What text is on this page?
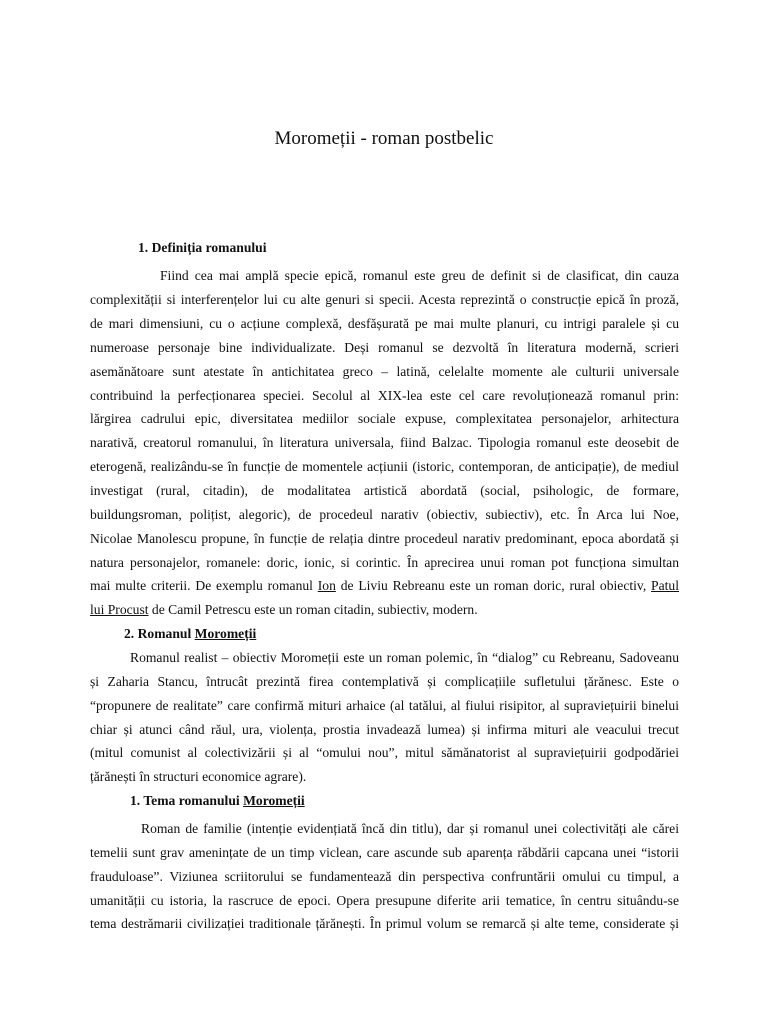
Moromeții - roman postbelic
1. Definiția romanului
Fiind cea mai amplă specie epică, romanul este greu de definit si de clasificat, din cauza
complexității si interferențelor lui cu alte genuri si specii. Acesta reprezintă o construcție epică în proză,
de mari dimensiuni, cu o acțiune complexă, desfășurată pe mai multe planuri, cu intrigi paralele și cu
numeroase personaje bine individualizate. Deși romanul se dezvoltă în literatura modernă, scrieri
asemănătoare sunt atestate în antichitatea greco – latină, celelalte momente ale culturii universale
contribuind la perfecționarea speciei. Secolul al XIX-lea este cel care revoluționează romanul prin:
lărgirea cadrului epic, diversitatea mediilor sociale expuse, complexitatea personajelor, arhitectura
narativă, creatorul romanului, în literatura universala, fiind Balzac. Tipologia romanul este deosebit de
eterogenă, realizându-se în funcție de momentele acțiunii (istoric, contemporan, de anticipație), de mediul
investigat (rural, citadin), de modalitatea artistică abordată (social, psihologic, de formare,
buildungsroman, polițist, alegoric), de procedeul narativ (obiectiv, subiectiv), etc. În Arca lui Noe,
Nicolae Manolescu propune, în funcție de relația dintre procedeul narativ predominant, epoca abordată și
natura personajelor, romanele: doric, ionic, si corintic. În aprecirea unui roman pot funcționa simultan
mai multe criterii. De exemplu romanul Ion de Liviu Rebreanu este un roman doric, rural obiectiv, Patul
lui Procust de Camil Petrescu este un roman citadin, subiectiv, modern.
2. Romanul Moromeții
Romanul realist – obiectiv Moromeții este un roman polemic, în “dialog” cu Rebreanu, Sadoveanu
și Zaharia Stancu, întrucât prezintă firea contemplativă și complicațiile sufletului țărănesc. Este o
“propunere de realitate” care confirmă mituri arhaice (al tatălui, al fiului risipitor, al supraviețuirii binelui
chiar și atunci când răul, ura, violența, prostia invadează lumea) și infirma mituri ale veacului trecut
(mitul comunist al colectivizării și al “omului nou”, mitul sămănatorist al supraviețuirii godpodăriei
țărănești în structuri economice agrare).
1. Tema romanului Moromeții
Roman de familie (intenție evidențiată încă din titlu), dar și romanul unei colectivități ale cărei
temelii sunt grav amenințate de un timp viclean, care ascunde sub aparența răbdării capcana unei “istorii
frauduloase”. Viziunea scriitorului se fundamentează din perspectiva confruntării omului cu timpul, a
umanității cu istoria, la rascruce de epoci. Opera presupune diferite arii tematice, în centru situându-se
tema destrămarii civilizației traditionale țărănești. În primul volum se remarcă și alte teme, considerate și
